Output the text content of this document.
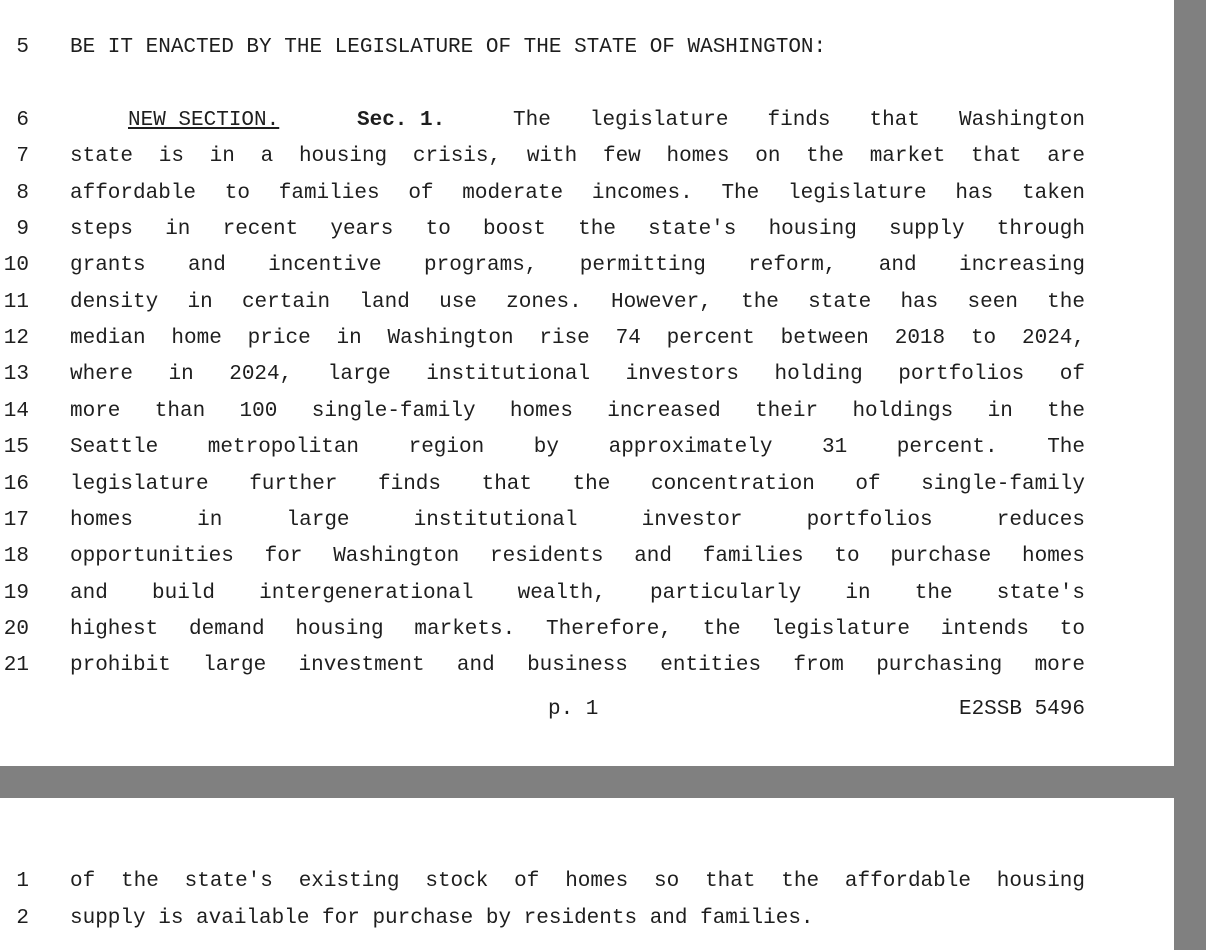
5 BE IT ENACTED BY THE LEGISLATURE OF THE STATE OF WASHINGTON:
6	NEW SECTION.	Sec. 1.	The legislature finds that Washington
7 state is in a housing crisis, with few homes on the market that are
8 affordable to families of moderate incomes. The legislature has taken
9 steps in recent years to boost the state's housing supply through
10 grants and incentive programs, permitting reform, and increasing
11 density in certain land use zones. However, the state has seen the
12 median home price in Washington rise 74 percent between 2018 to 2024,
13 where in 2024, large institutional investors holding portfolios of
14 more than 100 single-family homes increased their holdings in the
15 Seattle metropolitan region by approximately 31 percent. The
16 legislature further finds that the concentration of single-family
17 homes in large institutional investor portfolios reduces
18 opportunities for Washington residents and families to purchase homes
19 and build intergenerational wealth, particularly in the state's
20 highest demand housing markets. Therefore, the legislature intends to
21 prohibit large investment and business entities from purchasing more
p. 1	E2SSB 5496
1 of the state's existing stock of homes so that the affordable housing
2 supply is available for purchase by residents and families.
